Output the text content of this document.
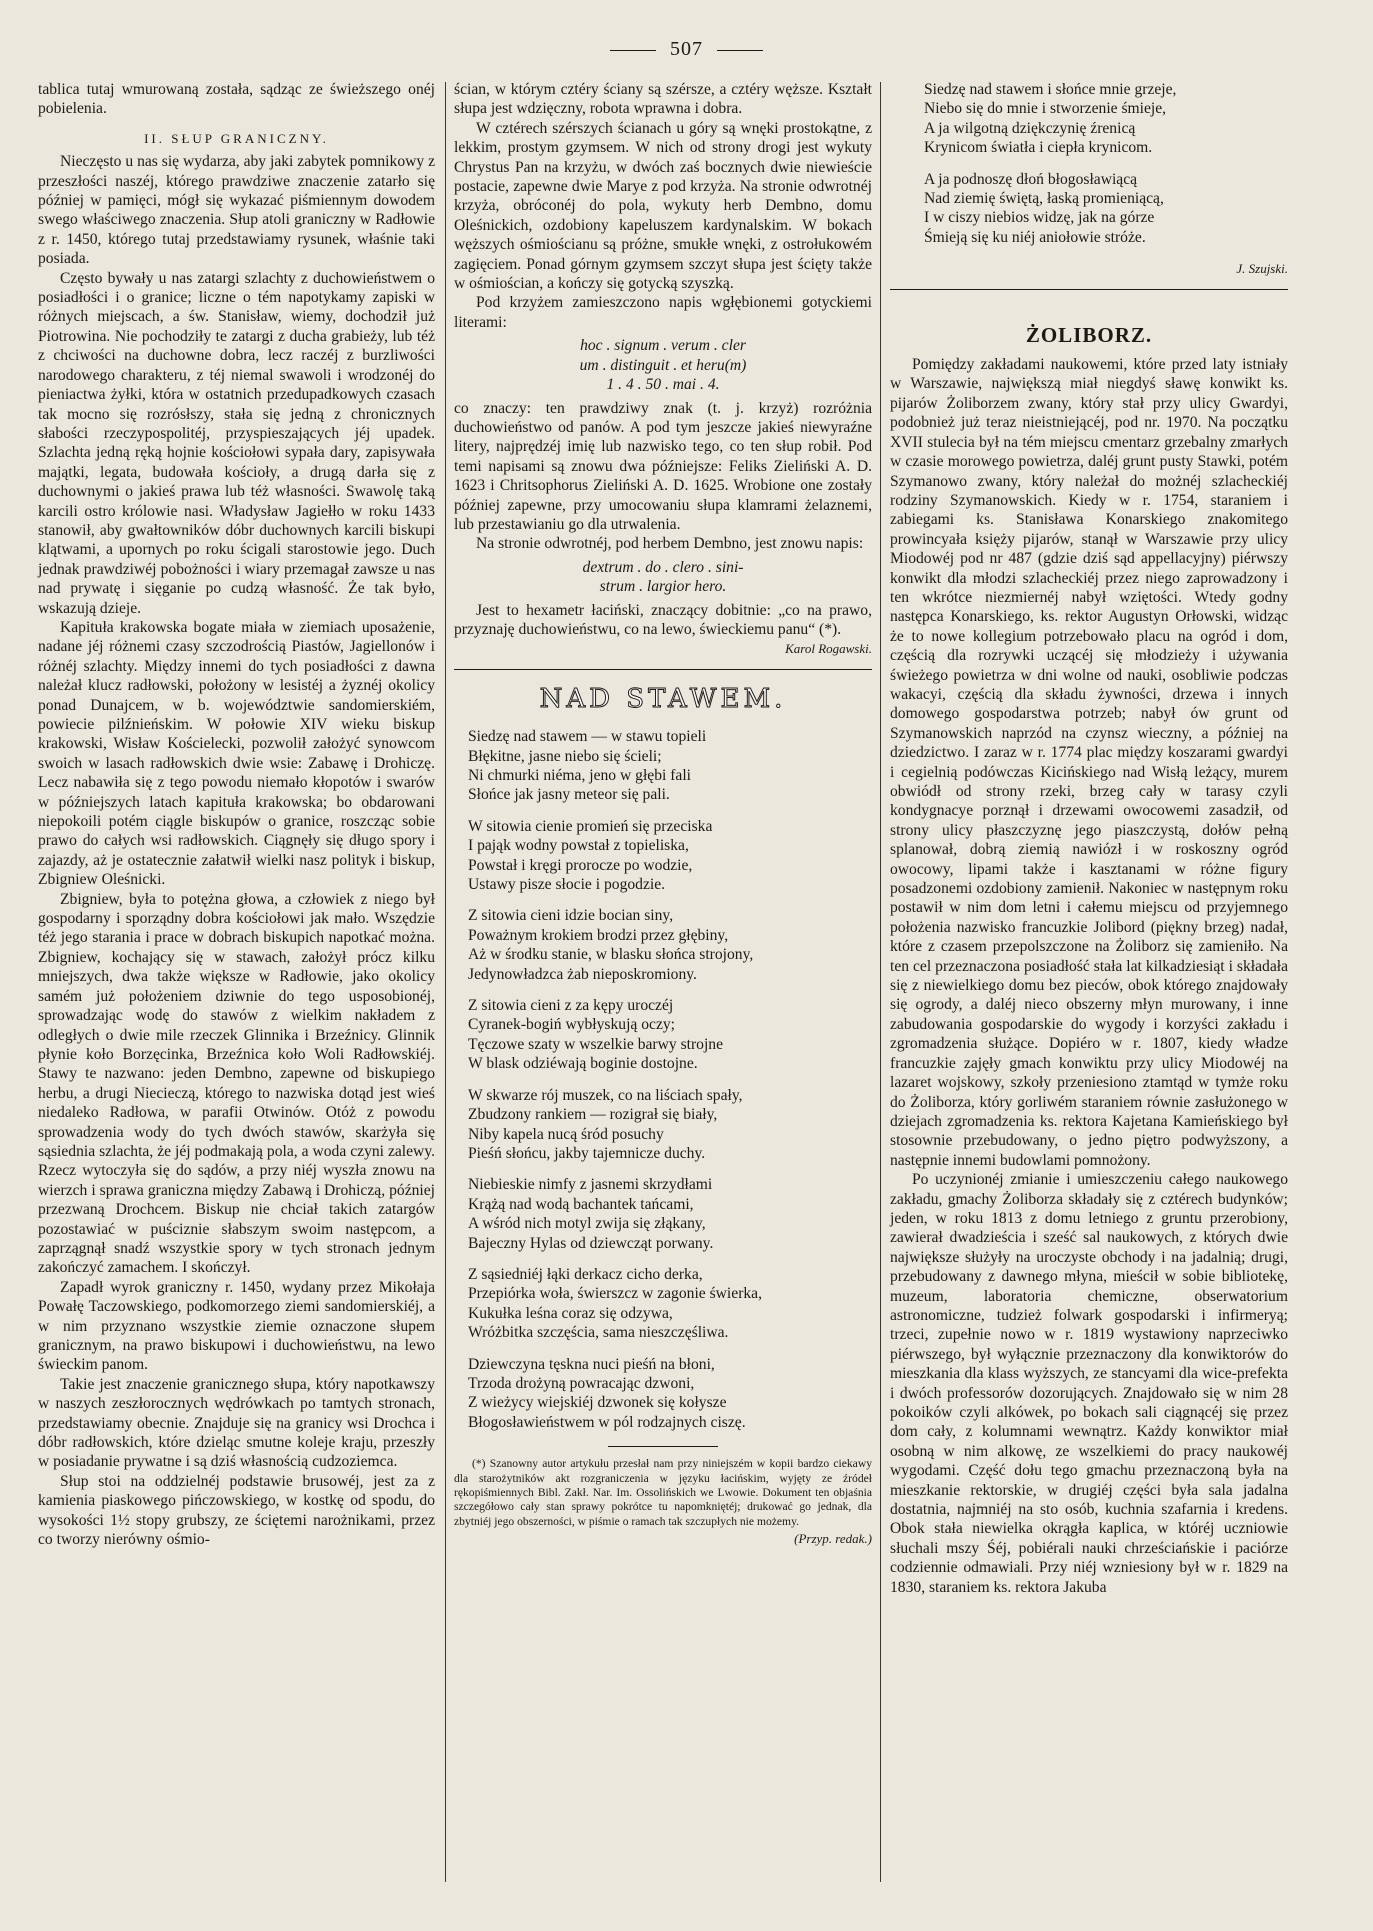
507

tablica tutaj wmurowaną została, sądząc ze świeższego onéj pobielenia.

II. SŁUP GRANICZNY.

Nieczęsto u nas się wydarza, aby jaki zabytek pomnikowy z przeszłości naszéj, którego prawdziwe znaczenie zatarło się później w pamięci, mógł się wykazać piśmiennym dowodem swego właściwego znaczenia. Słup atoli graniczny w Radłowie z r. 1450, którego tutaj przedstawiamy rysunek, właśnie taki posiada.

Często bywały u nas zatargi szlachty z duchowieństwem o posiadłości i o granice; liczne o tém napotykamy zapiski w różnych miejscach, a św. Stanisław, wiemy, dochodził już Piotrowina. Nie pochodziły te zatargi z ducha grabieży, lub téż z chciwości na duchowne dobra, lecz raczéj z burzliwości narodowego charakteru, z téj niemal swawoli i wrodzonéj do pieniactwa żyłki, która w ostatnich przedupadkowych czasach tak mocno się rozrósłszy, stała się jedną z chronicznych słabości rzeczypospolitéj, przyspieszających jéj upadek. Szlachta jedną ręką hojnie kościołowi sypała dary, zapisywała majątki, legata, budowała kościoły, a drugą darła się z duchownymi o jakieś prawa lub téż własności. Swawolę taką karcili ostro królowie nasi. Władysław Jagiełło w roku 1433 stanowił, aby gwałtowników dóbr duchownych karcili biskupi klątwami, a upornych po roku ścigali starostowie jego. Duch jednak prawdziwéj pobożności i wiary przemagał zawsze u nas nad prywatę i sięganie po cudzą własność. Że tak było, wskazują dzieje.

Kapituła krakowska bogate miała w ziemiach uposażenie, nadane jéj różnemi czasy szczodrością Piastów, Jagiellonów i różnéj szlachty. Między innemi do tych posiadłości z dawna należał klucz radłowski, położony w lesistéj a żyznéj okolicy ponad Dunajcem, w b. województwie sandomierskiém, powiecie pilźnieńskim. W połowie XIV wieku biskup krakowski, Wisław Kościelecki, pozwolił założyć synowcom swoich w lasach radłowskich dwie wsie: Zabawę i Drohiczę. Lecz nabawiła się z tego powodu niemało kłopotów i swarów w późniejszych latach kapituła krakowska; bo obdarowani niepokoili potém ciągle biskupów o granice, roszcząc sobie prawo do całych wsi radłowskich. Ciągnęły się długo spory i zajazdy, aż je ostatecznie załatwił wielki nasz polityk i biskup, Zbigniew Oleśnicki.

Zbigniew, była to potężna głowa, a człowiek z niego był gospodarny i sporządny dobra kościołowi jak mało. Wszędzie téż jego starania i prace w dobrach biskupich napotkać można. Zbigniew, kochający się w stawach, założył prócz kilku mniejszych, dwa także większe w Radłowie, jako okolicy samém już położeniem dziwnie do tego usposobionéj, sprowadzając wodę do stawów z wielkim nakładem z odległych o dwie mile rzeczek Glinnika i Brzeźnicy. Glinnik płynie koło Borzęcinka, Brzeźnica koło Woli Radłowskiéj. Stawy te nazwano: jeden Dembno, zapewne od biskupiego herbu, a drugi Niecieczą, którego to nazwiska dotąd jest wieś niedaleko Radłowa, w parafii Otwinów. Otóż z powodu sprowadzenia wody do tych dwóch stawów, skarżyła się sąsiednia szlachta, że jéj podmakają pola, a woda czyni zalewy. Rzecz wytoczyła się do sądów, a przy niéj wyszła znowu na wierzch i sprawa graniczna między Zabawą i Drohiczą, później przezwaną Drochcem. Biskup nie chciał takich zatargów pozostawiać w puściznie słabszym swoim następcom, a zaprzągnął snadź wszystkie spory w tych stronach jednym zakończyć zamachem. I skończył.

Zapadł wyrok graniczny r. 1450, wydany przez Mikołaja Powałę Taczowskiego, podkomorzego ziemi sandomierskiéj, a w nim przyznano wszystkie ziemie oznaczone słupem granicznym, na prawo biskupowi i duchowieństwu, na lewo świeckim panom.

Takie jest znaczenie granicznego słupa, który napotkawszy w naszych zeszłorocznych wędrówkach po tamtych stronach, przedstawiamy obecnie. Znajduje się na granicy wsi Drochca i dóbr radłowskich, które dzieląc smutne koleje kraju, przeszły w posiadanie prywatne i są dziś własnością cudzoziemca.

Słup stoi na oddzielnéj podstawie brusowéj, jest za z kamienia piaskowego pińczowskiego, w kostkę od spodu, do wysokości 1½ stopy grubszy, ze ściętemi narożnikami, przez co tworzy nierówny ośmio-

ścian, w którym cztéry ściany są szérsze, a cztéry węższe. Kształt słupa jest wdzięczny, robota wprawna i dobra.

W cztérech szérszych ścianach u góry są wnęki prostokątne, z lekkim, prostym gzymsem. W nich od strony drogi jest wykuty Chrystus Pan na krzyżu, w dwóch zaś bocznych dwie niewieście postacie, zapewne dwie Marye z pod krzyża. Na stronie odwrotnéj krzyża, obróconéj do pola, wykuty herb Dembno, domu Oleśnickich, ozdobiony kapeluszem kardynalskim. W bokach węższych ośmiościanu są próżne, smukłe wnęki, z ostrołukowém zagięciem. Ponad górnym gzymsem szczyt słupa jest ścięty także w ośmiościan, a kończy się gotycką szyszką.

Pod krzyżem zamieszczono napis wgłębionemi gotyckiemi literami:

hoc . signum . verum . cler
um . distinguit . et heru(m)
1 . 4 . 50 . mai . 4.

co znaczy: ten prawdziwy znak (t. j. krzyż) rozróżnia duchowieństwo od panów. A pod tym jeszcze jakieś niewyraźne litery, najprędzéj imię lub nazwisko tego, co ten słup robił. Pod temi napisami są znowu dwa późniejsze: Feliks Zieliński A. D. 1623 i Chritsophorus Zieliński A. D. 1625. Wrobione one zostały później zapewne, przy umocowaniu słupa klamrami żelaznemi, lub przestawianiu go dla utrwalenia.

Na stronie odwrotnéj, pod herbem Dembno, jest znowu napis:

dextrum . do . clero . sini-
strum . largior hero.

Jest to hexametr łaciński, znaczący dobitnie: „co na prawo, przyznaję duchowieństwu, co na lewo, świeckiemu panu“ (*).

Karol Rogawski.
NAD STAWEM.
Siedzę nad stawem — w stawu topieli
Błękitne, jasne niebo się ścieli;
Ni chmurki niéma, jeno w głębi fali
Słońce jak jasny meteor się pali.
W sitowia cienie promień się przeciska
I pająk wodny powstał z topieliska,
Powstał i kręgi prorocze po wodzie,
Ustawy pisze słocie i pogodzie.
Z sitowia cieni idzie bocian siny,
Poważnym krokiem brodzi przez głębiny,
Aż w środku stanie, w blasku słońca strojony,
Jedynowładzca żab nieposkromiony.
Z sitowia cieni z za kępy uroczéj
Cyranek-bogiń wybłyskują oczy;
Tęczowe szaty w wszelkie barwy strojne
W blask odziéwają boginie dostojne.
W skwarze rój muszek, co na liściach spały,
Zbudzony rankiem — rozigrał się biały,
Niby kapela nucą śród posuchy
Pieśń słońcu, jakby tajemnicze duchy.
Niebieskie nimfy z jasnemi skrzydłami
Krążą nad wodą bachantek tańcami,
A wśród nich motyl zwija się złąkany,
Bajeczny Hylas od dziewcząt porwany.
Z sąsiedniéj łąki derkacz cicho derka,
Przepiórka woła, świerszcz w zagonie świerka,
Kukułka leśna coraz się odzywa,
Wróżbitka szczęścia, sama nieszczęśliwa.
Dziewczyna tęskna nuci pieśń na błoni,
Trzoda drożyną powracając dzwoni,
Z wieżycy wiejskiéj dzwonek się kołysze
Błogosławieństwem w pól rodzajnych ciszę.
(*) Szanowny autor artykułu przesłał nam przy niniejszém w kopii bardzo ciekawy dla starożytników akt rozgraniczenia w języku łacińskim, wyjęty ze źródeł rękopiśmiennych Bibl. Zakł. Nar. Im. Ossolińskich we Lwowie. Dokument ten objaśnia szczegółowo cały stan sprawy pokrótce tu napomkniętéj; drukować go jednak, dla zbytniéj jego obszerności, w piśmie o ramach tak szczupłych nie możemy.
(Przyp. redak.)
Siedzę nad stawem i słońce mnie grzeje,
Niebo się do mnie i stworzenie śmieje,
A ja wilgotną dziękczynię źrenicą
Krynicom światła i ciepła krynicom.
A ja podnoszę dłoń błogosławiącą
Nad ziemię świętą, łaską promieniącą,
I w ciszy niebios widzę, jak na górze
Śmieją się ku niéj aniołowie stróże.
J. Szujski.
ŻOLIBORZ.

Pomiędzy zakładami naukowemi, które przed laty istniały w Warszawie, największą miał niegdyś sławę konwikt ks. pijarów Żoliborzem zwany, który stał przy ulicy Gwardyi, podobnież już teraz nieistniejącéj, pod nr. 1970. Na początku XVII stulecia był na tém miejscu cmentarz grzebalny zmarłych w czasie morowego powietrza, daléj grunt pusty Stawki, potém Szymanowo zwany, który należał do możnéj szlacheckiéj rodziny Szymanowskich. Kiedy w r. 1754, staraniem i zabiegami ks. Stanisława Konarskiego znakomitego prowincyała księży pijarów, stanął w Warszawie przy ulicy Miodowéj pod nr 487 (gdzie dziś sąd appellacyjny) piérwszy konwikt dla młodzi szlacheckiéj przez niego zaprowadzony i ten wkrótce niezmiernéj nabył wziętości. Wtedy godny następca Konarskiego, ks. rektor Augustyn Orłowski, widząc że to nowe kollegium potrzebowało placu na ogród i dom, częścią dla rozrywki uczącéj się młodzieży i używania świeżego powietrza w dni wolne od nauki, osobliwie podczas wakacyi, częścią dla składu żywności, drzewa i innych domowego gospodarstwa potrzeb; nabył ów grunt od Szymanowskich naprzód na czynsz wieczny, a później na dziedzictwo. I zaraz w r. 1774 plac między koszarami gwardyi i cegielnią podówczas Kicińskiego nad Wisłą leżący, murem obwiódł od strony rzeki, brzeg cały w tarasy czyli kondygnacye porznął i drzewami owocowemi zasadził, od strony ulicy płaszczyznę jego piaszczystą, dołów pełną splanował, dobrą ziemią nawiózł i w roskoszny ogród owocowy, lipami także i kasztanami w różne figury posadzonemi ozdobiony zamienił. Nakoniec w następnym roku postawił w nim dom letni i całemu miejscu od przyjemnego położenia nazwisko francuzkie Jolibord (piękny brzeg) nadał, które z czasem przepolszczone na Żoliborz się zamieniło. Na ten cel przeznaczona posiadłość stała lat kilkadziesiąt i składała się z niewielkiego domu bez pieców, obok którego znajdowały się ogrody, a daléj nieco obszerny młyn murowany, i inne zabudowania gospodarskie do wygody i korzyści zakładu i zgromadzenia służące. Dopiéro w r. 1807, kiedy władze francuzkie zajęły gmach konwiktu przy ulicy Miodowéj na lazaret wojskowy, szkoły przeniesiono ztamtąd w tymże roku do Żoliborza, który gorliwém staraniem równie zasłużonego w dziejach zgromadzenia ks. rektora Kajetana Kamieńskiego był stosownie przebudowany, o jedno piętro podwyższony, a następnie innemi budowlami pomnożony.

Po uczynionéj zmianie i umieszczeniu całego naukowego zakładu, gmachy Żoliborza składały się z cztérech budynków; jeden, w roku 1813 z domu letniego z gruntu przerobiony, zawierał dwadzieścia i sześć sal naukowych, z których dwie największe służyły na uroczyste obchody i na jadalnią; drugi, przebudowany z dawnego młyna, mieścił w sobie bibliotekę, muzeum, laboratoria chemiczne, obserwatorium astronomiczne, tudzież folwark gospodarski i infirmeryą; trzeci, zupełnie nowo w r. 1819 wystawiony naprzeciwko piérwszego, był wyłącznie przeznaczony dla konwiktorów do mieszkania dla klass wyższych, ze stancyami dla wice-prefekta i dwóch professorów dozorujących. Znajdowało się w nim 28 pokoików czyli alkówek, po bokach sali ciągnącéj się przez dom cały, z kolumnami wewnątrz. Każdy konwiktor miał osobną w nim alkowę, ze wszelkiemi do pracy naukowéj wygodami. Część dołu tego gmachu przeznaczoną była na mieszkanie rektorskie, w drugiéj części była sala jadalna dostatnia, najmniéj na sto osób, kuchnia szafarnia i kredens. Obok stała niewielka okrągła kaplica, w któréj uczniowie słuchali mszy Śéj, pobiérali nauki chrześciańskie i paciórze codziennie odmawiali. Przy niéj wzniesiony był w r. 1829 na 1830, staraniem ks. rektora Jakuba
